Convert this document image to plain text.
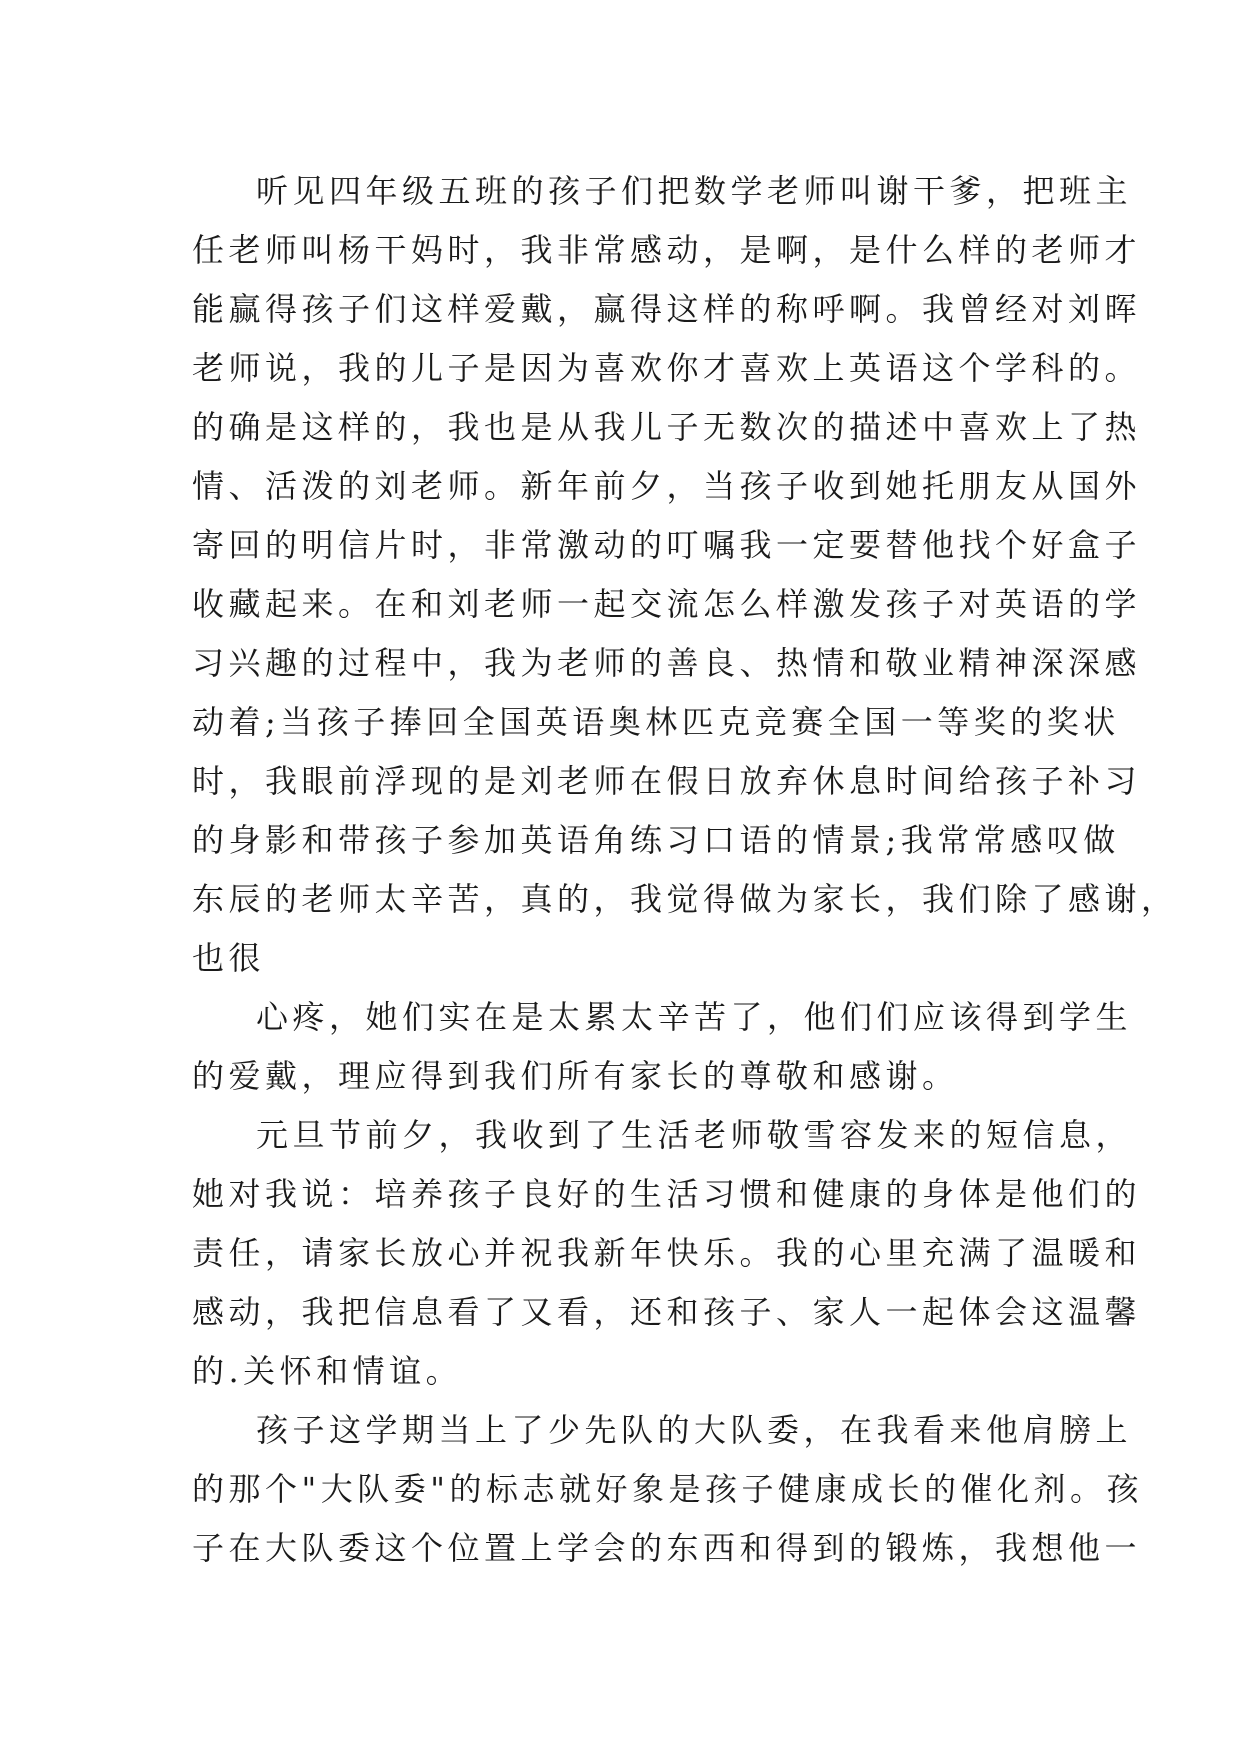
听见四年级五班的孩子们把数学老师叫谢干爹，把班主
任老师叫杨干妈时，我非常感动，是啊，是什么样的老师才
能赢得孩子们这样爱戴，赢得这样的称呼啊。我曾经对刘晖
老师说，我的儿子是因为喜欢你才喜欢上英语这个学科的。
的确是这样的，我也是从我儿子无数次的描述中喜欢上了热
情、活泼的刘老师。新年前夕，当孩子收到她托朋友从国外
寄回的明信片时，非常激动的叮嘱我一定要替他找个好盒子
收藏起来。在和刘老师一起交流怎么样激发孩子对英语的学
习兴趣的过程中，我为老师的善良、热情和敬业精神深深感
动着;当孩子捧回全国英语奥林匹克竞赛全国一等奖的奖状
时，我眼前浮现的是刘老师在假日放弃休息时间给孩子补习
的身影和带孩子参加英语角练习口语的情景;我常常感叹做
东辰的老师太辛苦，真的，我觉得做为家长，我们除了感谢，
也很
心疼，她们实在是太累太辛苦了，他们们应该得到学生
的爱戴，理应得到我们所有家长的尊敬和感谢。
元旦节前夕，我收到了生活老师敬雪容发来的短信息，
她对我说：培养孩子良好的生活习惯和健康的身体是他们的
责任，请家长放心并祝我新年快乐。我的心里充满了温暖和
感动，我把信息看了又看，还和孩子、家人一起体会这温馨
的.关怀和情谊。
孩子这学期当上了少先队的大队委，在我看来他肩膀上
的那个"大队委"的标志就好象是孩子健康成长的催化剂。孩
子在大队委这个位置上学会的东西和得到的锻炼，我想他一
